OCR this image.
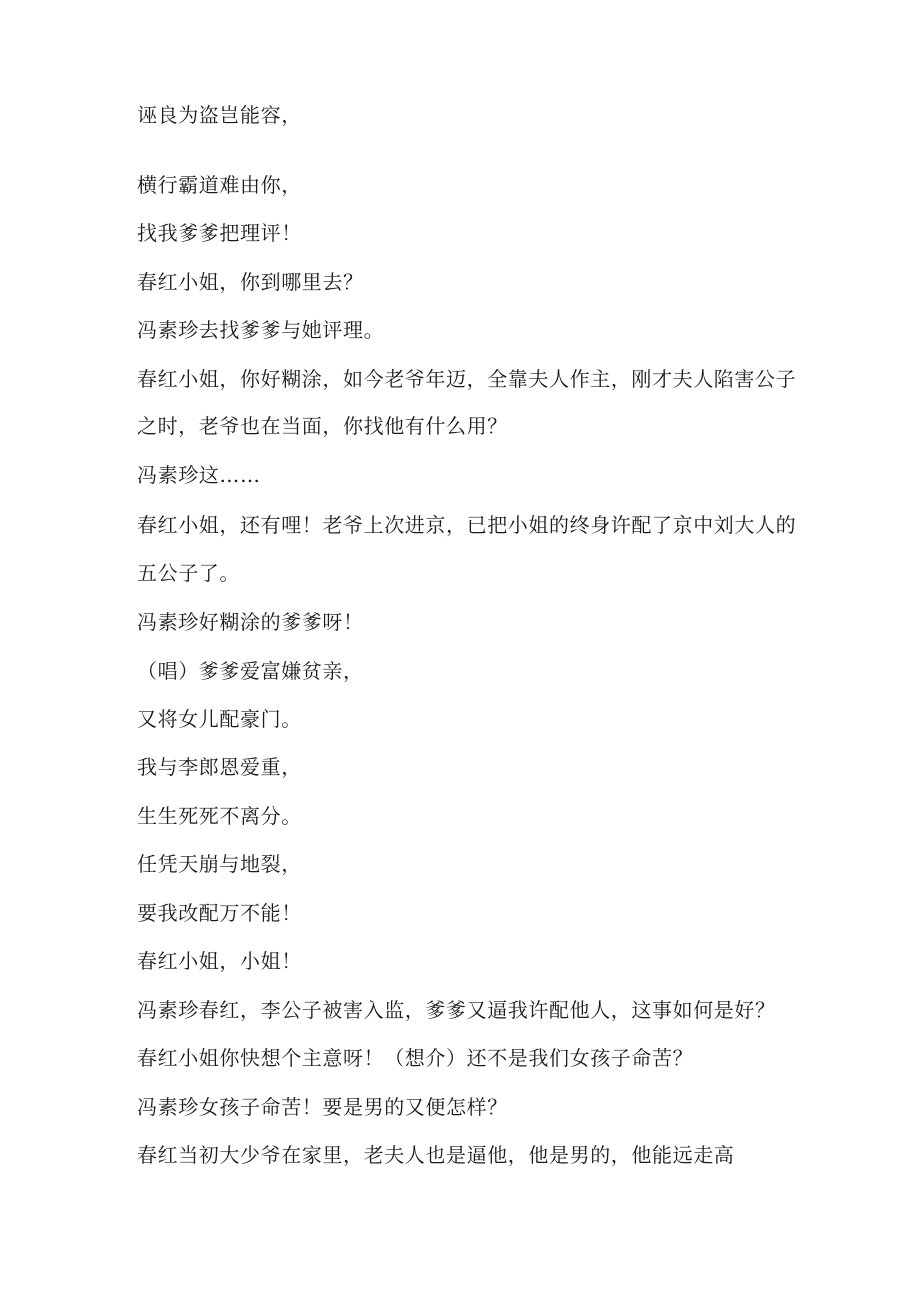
诬良为盗岂能容，
横行霸道难由你，
找我爹爹把理评！
春红小姐，你到哪里去？
冯素珍去找爹爹与她评理。
春红小姐，你好糊涂，如今老爷年迈，全靠夫人作主，刚才夫人陷害公子
之时，老爷也在当面，你找他有什么用？
冯素珍这……
春红小姐，还有哩！老爷上次进京，已把小姐的终身许配了京中刘大人的
五公子了。
冯素珍好糊涂的爹爹呀！
（唱）爹爹爱富嫌贫亲，
又将女儿配豪门。
我与李郎恩爱重，
生生死死不离分。
任凭天崩与地裂，
要我改配万不能！
春红小姐，小姐！
冯素珍春红，李公子被害入监，爹爹又逼我许配他人，这事如何是好？
春红小姐你快想个主意呀！（想介）还不是我们女孩子命苦？
冯素珍女孩子命苦！要是男的又便怎样？
春红当初大少爷在家里，老夫人也是逼他，他是男的，他能远走高
